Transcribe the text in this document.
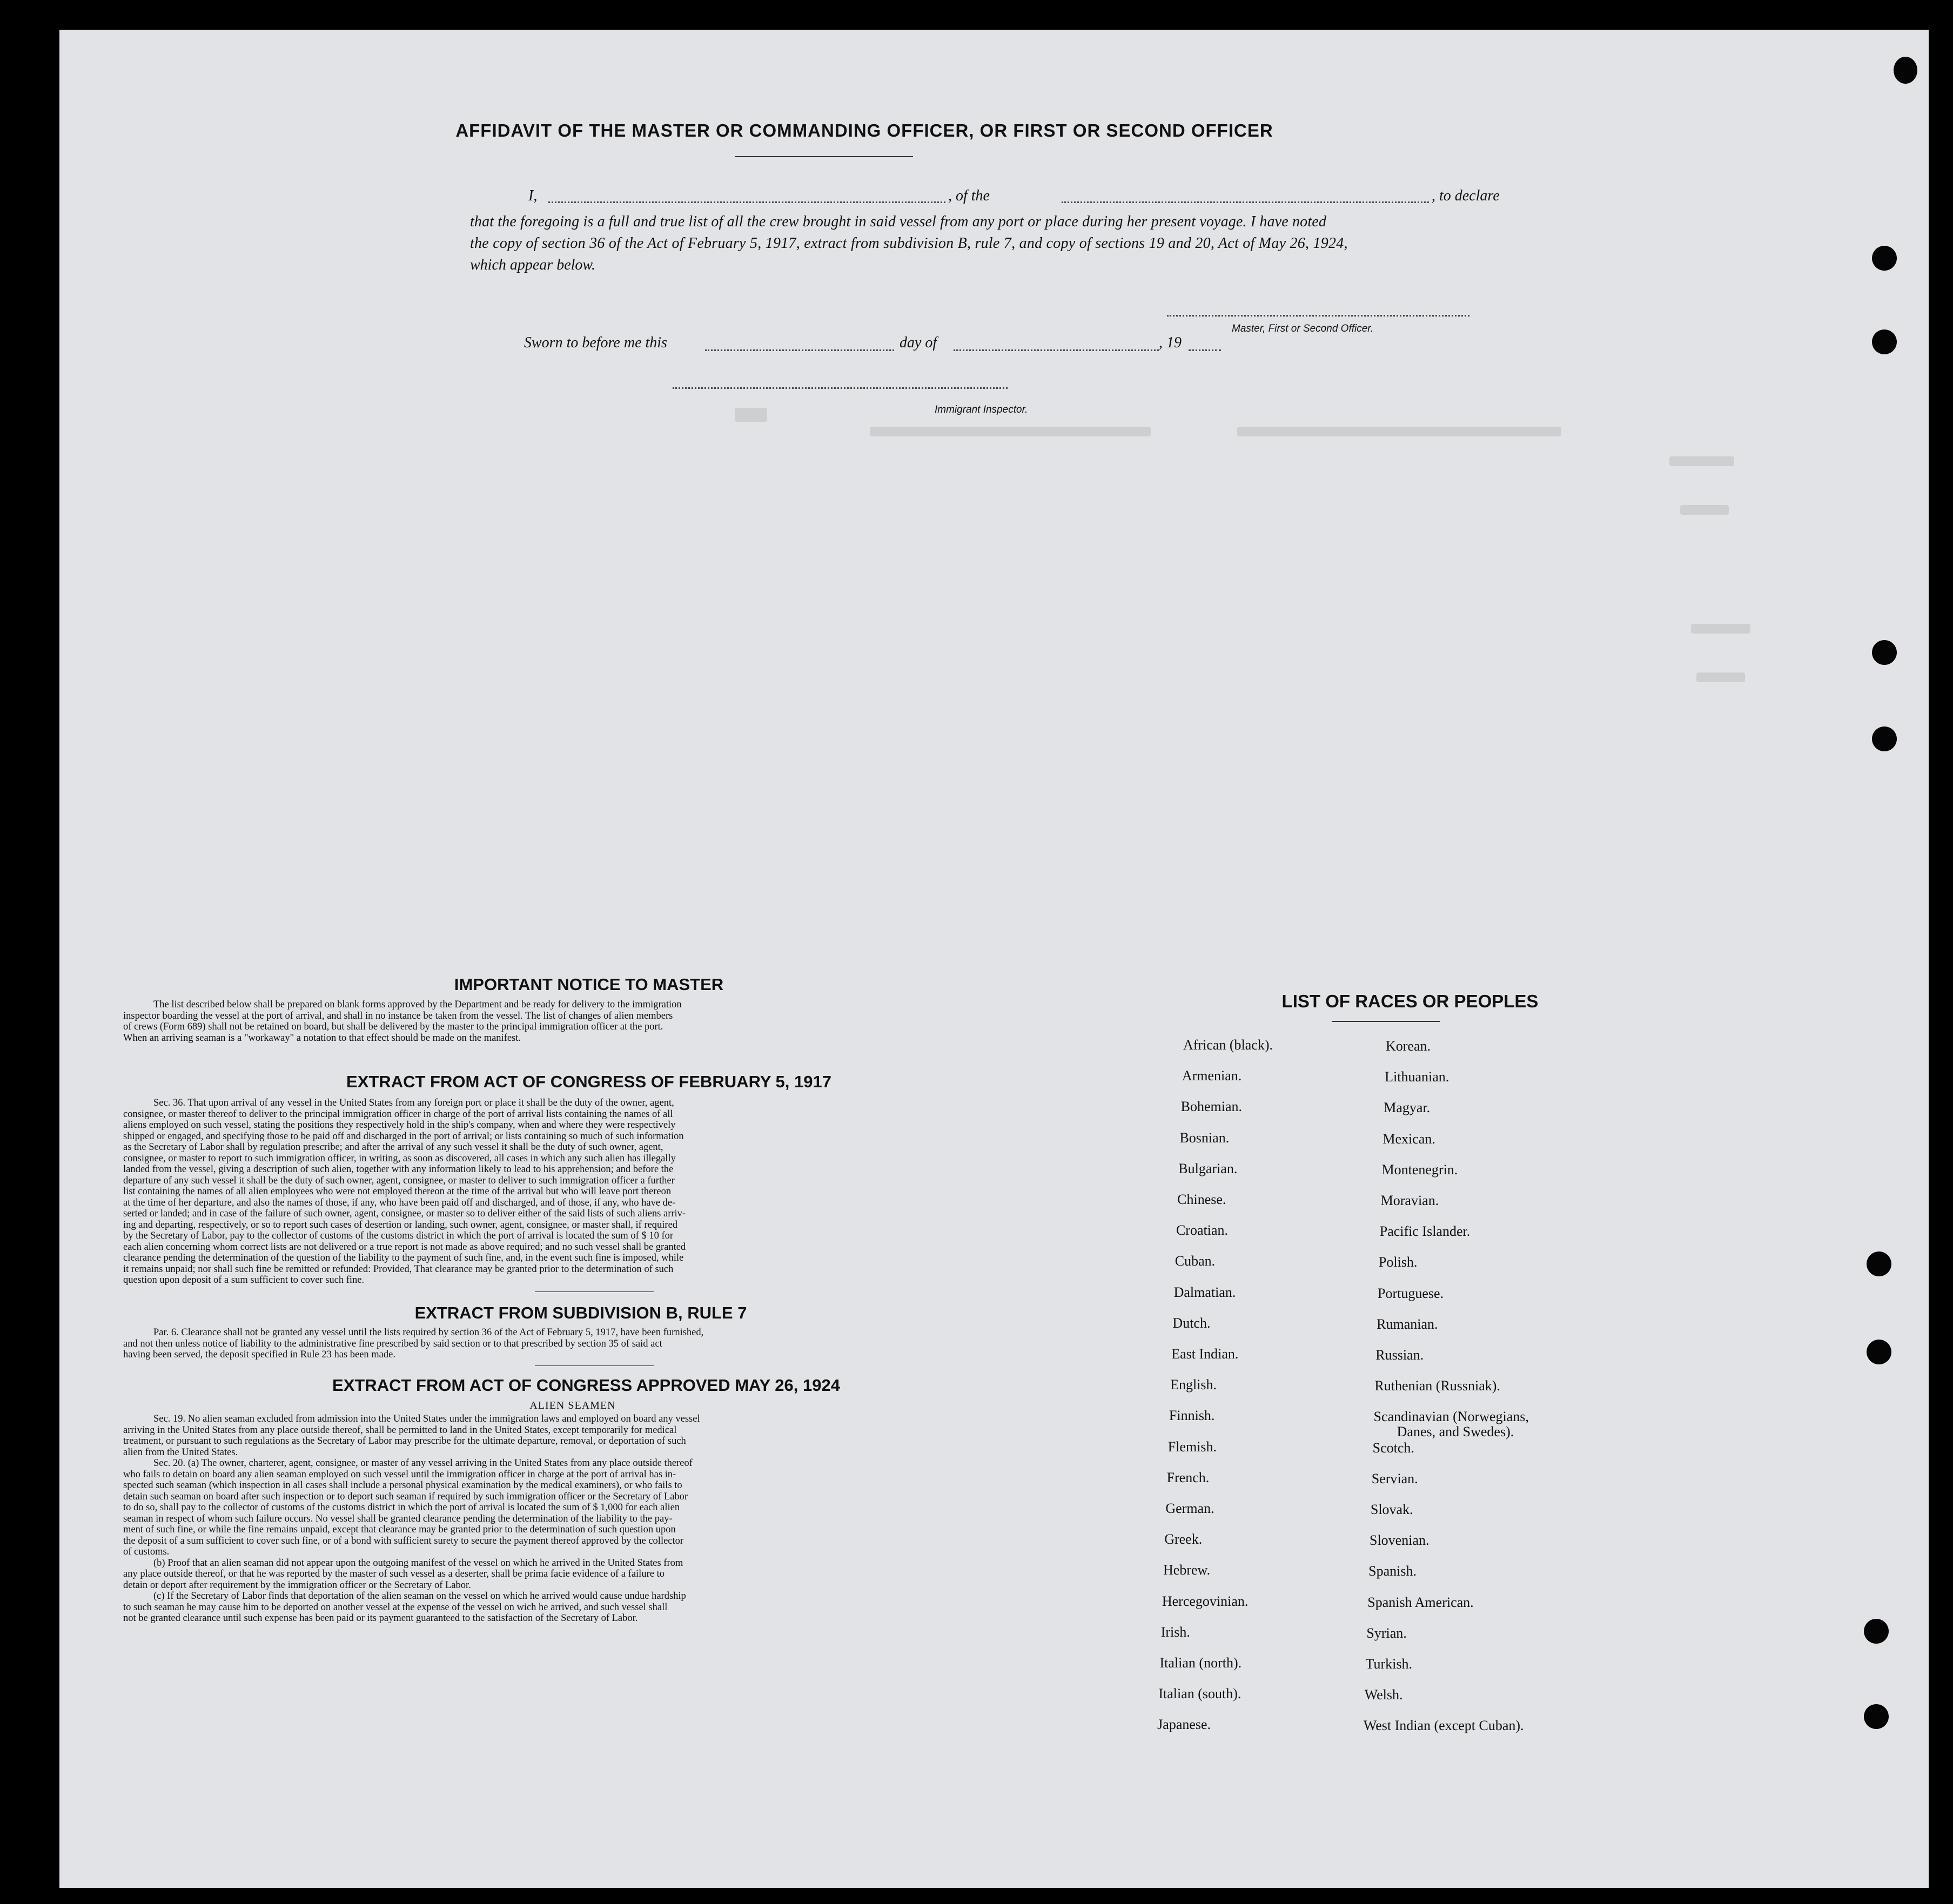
AFFIDAVIT OF THE MASTER OR COMMANDING OFFICER, OR FIRST OR SECOND OFFICER
I,	, of the	, to declare
that the foregoing is a full and true list of all the crew brought in said vessel from any port or place during her present voyage. I have noted
the copy of section 36 of the Act of February 5, 1917, extract from subdivision B, rule 7, and copy of sections 19 and 20, Act of May 26, 1924,
which appear below.
Master, First or Second Officer.
Sworn to before me this	day of	, 19
Immigrant Inspector.
IMPORTANT NOTICE TO MASTER
The list described below shall be prepared on blank forms approved by the Department and be ready for delivery to the immigration
inspector boarding the vessel at the port of arrival, and shall in no instance be taken from the vessel. The list of changes of alien members
of crews (Form 689) shall not be retained on board, but shall be delivered by the master to the principal immigration officer at the port.
When an arriving seaman is a "workaway" a notation to that effect should be made on the manifest.
EXTRACT FROM ACT OF CONGRESS OF FEBRUARY 5, 1917
Sec. 36. That upon arrival of any vessel in the United States from any foreign port or place it shall be the duty of the owner, agent,
consignee, or master thereof to deliver to the principal immigration officer in charge of the port of arrival lists containing the names of all
aliens employed on such vessel, stating the positions they respectively hold in the ship's company, when and where they were respectively
shipped or engaged, and specifying those to be paid off and discharged in the port of arrival; or lists containing so much of such information
as the Secretary of Labor shall by regulation prescribe; and after the arrival of any such vessel it shall be the duty of such owner, agent,
consignee, or master to report to such immigration officer, in writing, as soon as discovered, all cases in which any such alien has illegally
landed from the vessel, giving a description of such alien, together with any information likely to lead to his apprehension; and before the
departure of any such vessel it shall be the duty of such owner, agent, consignee, or master to deliver to such immigration officer a further
list containing the names of all alien employees who were not employed thereon at the time of the arrival but who will leave port thereon
at the time of her departure, and also the names of those, if any, who have been paid off and discharged, and of those, if any, who have de-
serted or landed; and in case of the failure of such owner, agent, consignee, or master so to deliver either of the said lists of such aliens arriv-
ing and departing, respectively, or so to report such cases of desertion or landing, such owner, agent, consignee, or master shall, if required
by the Secretary of Labor, pay to the collector of customs of the customs district in which the port of arrival is located the sum of $ 10 for
each alien concerning whom correct lists are not delivered or a true report is not made as above required; and no such vessel shall be granted
clearance pending the determination of the question of the liability to the payment of such fine, and, in the event such fine is imposed, while
it remains unpaid; nor shall such fine be remitted or refunded: Provided, That clearance may be granted prior to the determination of such
question upon deposit of a sum sufficient to cover such fine.
EXTRACT FROM SUBDIVISION B, RULE 7
Par. 6. Clearance shall not be granted any vessel until the lists required by section 36 of the Act of February 5, 1917, have been furnished,
and not then unless notice of liability to the administrative fine prescribed by said section or to that prescribed by section 35 of said act
having been served, the deposit specified in Rule 23 has been made.
EXTRACT FROM ACT OF CONGRESS APPROVED MAY 26, 1924
ALIEN SEAMEN
Sec. 19. No alien seaman excluded from admission into the United States under the immigration laws and employed on board any vessel
arriving in the United States from any place outside thereof, shall be permitted to land in the United States, except temporarily for medical
treatment, or pursuant to such regulations as the Secretary of Labor may prescribe for the ultimate departure, removal, or deportation of such
alien from the United States.
Sec. 20. (a) The owner, charterer, agent, consignee, or master of any vessel arriving in the United States from any place outside thereof
who fails to detain on board any alien seaman employed on such vessel until the immigration officer in charge at the port of arrival has in-
spected such seaman (which inspection in all cases shall include a personal physical examination by the medical examiners), or who fails to
detain such seaman on board after such inspection or to deport such seaman if required by such immigration officer or the Secretary of Labor
to do so, shall pay to the collector of customs of the customs district in which the port of arrival is located the sum of $ 1,000 for each alien
seaman in respect of whom such failure occurs. No vessel shall be granted clearance pending the determination of the liability to the pay-
ment of such fine, or while the fine remains unpaid, except that clearance may be granted prior to the determination of such question upon
the deposit of a sum sufficient to cover such fine, or of a bond with sufficient surety to secure the payment thereof approved by the collector
of customs.
(b) Proof that an alien seaman did not appear upon the outgoing manifest of the vessel on which he arrived in the United States from
any place outside thereof, or that he was reported by the master of such vessel as a deserter, shall be prima facie evidence of a failure to
detain or deport after requirement by the immigration officer or the Secretary of Labor.
(c) If the Secretary of Labor finds that deportation of the alien seaman on the vessel on which he arrived would cause undue hardship
to such seaman he may cause him to be deported on another vessel at the expense of the vessel on wich he arrived, and such vessel shall
not be granted clearance until such expense has been paid or its payment guaranteed to the satisfaction of the Secretary of Labor.
LIST OF RACES OR PEOPLES
African (black).
Armenian.
Bohemian.
Bosnian.
Bulgarian.
Chinese.
Croatian.
Cuban.
Dalmatian.
Dutch.
East Indian.
English.
Finnish.
Flemish.
French.
German.
Greek.
Hebrew.
Hercegovinian.
Irish.
Italian (north).
Italian (south).
Japanese.
Korean.
Lithuanian.
Magyar.
Mexican.
Montenegrin.
Moravian.
Pacific Islander.
Polish.
Portuguese.
Rumanian.
Russian.
Ruthenian (Russniak).
Scandinavian (Norwegians,
Danes, and Swedes).
Scotch.
Servian.
Slovak.
Slovenian.
Spanish.
Spanish American.
Syrian.
Turkish.
Welsh.
West Indian (except Cuban).
